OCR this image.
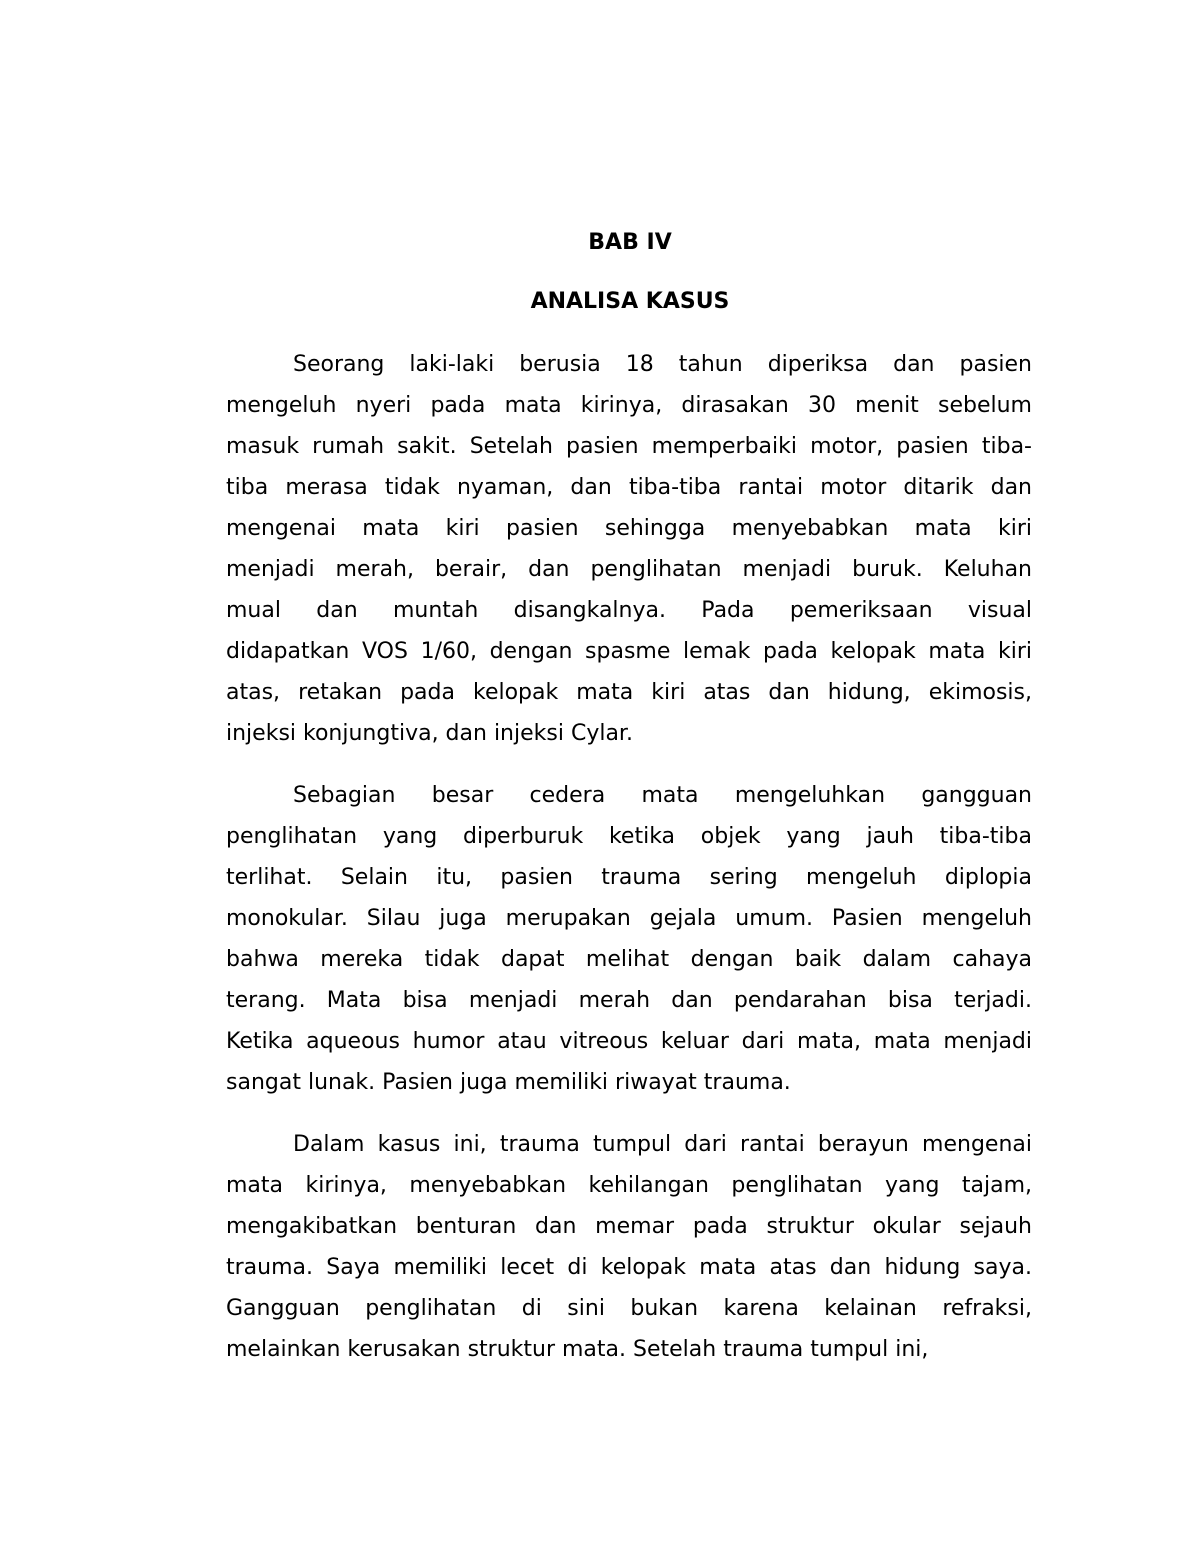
BAB IV
ANALISA KASUS
Seorang laki-laki berusia 18 tahun diperiksa dan pasien
mengeluh nyeri pada mata kirinya, dirasakan 30 menit sebelum
masuk rumah sakit. Setelah pasien memperbaiki motor, pasien tiba-
tiba merasa tidak nyaman, dan tiba-tiba rantai motor ditarik dan
mengenai mata kiri pasien sehingga menyebabkan mata kiri
menjadi merah, berair, dan penglihatan menjadi buruk. Keluhan
mual dan muntah disangkalnya. Pada pemeriksaan visual
didapatkan VOS 1/60, dengan spasme lemak pada kelopak mata kiri
atas, retakan pada kelopak mata kiri atas dan hidung, ekimosis,
injeksi konjungtiva, dan injeksi Cylar.
Sebagian besar cedera mata mengeluhkan gangguan
penglihatan yang diperburuk ketika objek yang jauh tiba-tiba
terlihat. Selain itu, pasien trauma sering mengeluh diplopia
monokular. Silau juga merupakan gejala umum. Pasien mengeluh
bahwa mereka tidak dapat melihat dengan baik dalam cahaya
terang. Mata bisa menjadi merah dan pendarahan bisa terjadi.
Ketika aqueous humor atau vitreous keluar dari mata, mata menjadi
sangat lunak. Pasien juga memiliki riwayat trauma.
Dalam kasus ini, trauma tumpul dari rantai berayun mengenai
mata kirinya, menyebabkan kehilangan penglihatan yang tajam,
mengakibatkan benturan dan memar pada struktur okular sejauh
trauma. Saya memiliki lecet di kelopak mata atas dan hidung saya.
Gangguan penglihatan di sini bukan karena kelainan refraksi,
melainkan kerusakan struktur mata. Setelah trauma tumpul ini,
